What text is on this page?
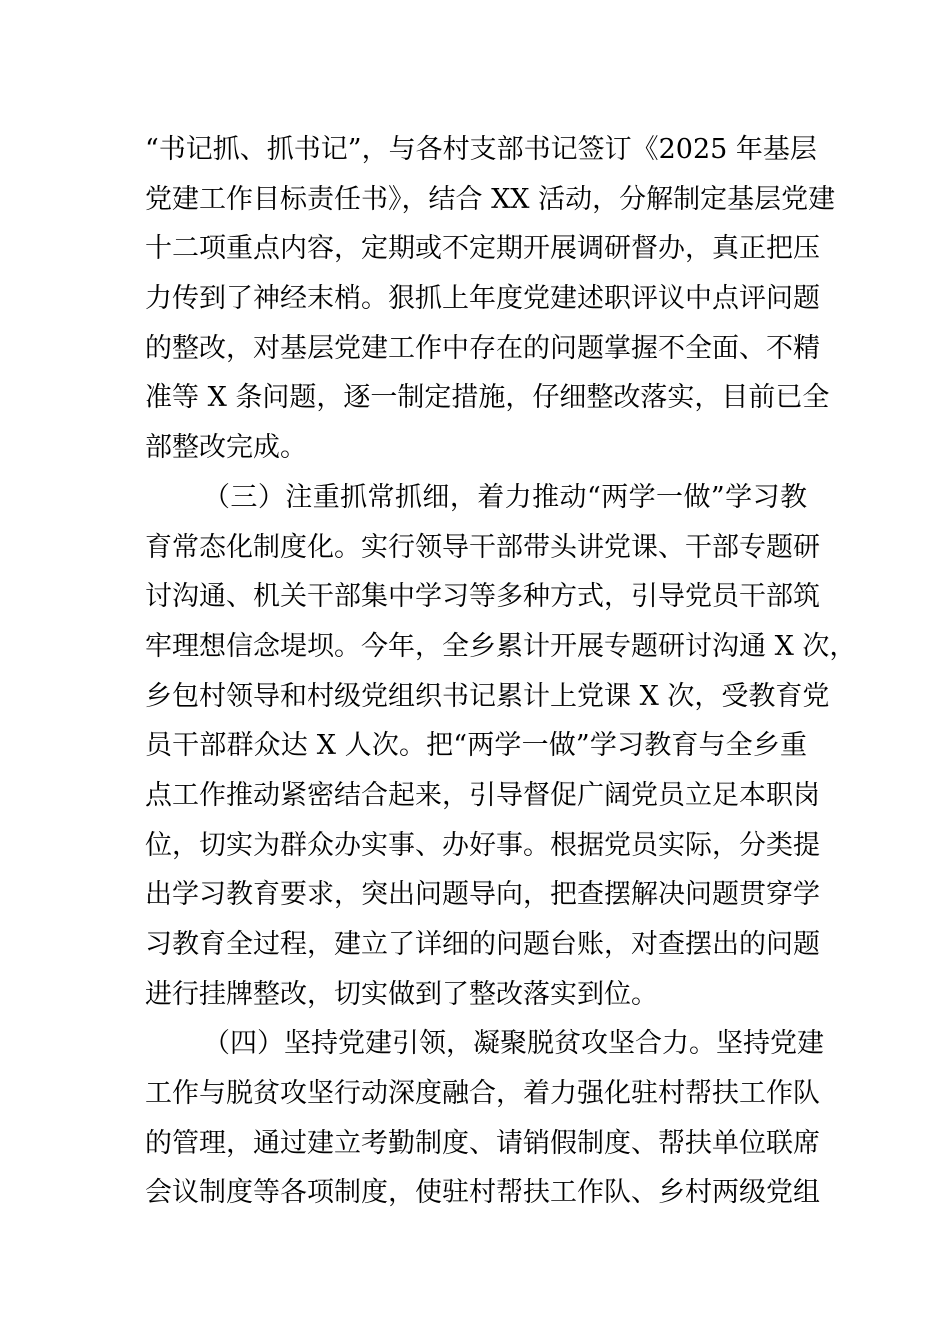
“书记抓、抓书记”，与各村支部书记签订《2025 年基层
党建工作目标责任书》，结合 XX 活动，分解制定基层党建
十二项重点内容，定期或不定期开展调研督办，真正把压
力传到了神经末梢。狠抓上年度党建述职评议中点评问题
的整改，对基层党建工作中存在的问题掌握不全面、不精
准等 X 条问题，逐一制定措施，仔细整改落实，目前已全
部整改完成。
（三）注重抓常抓细，着力推动“两学一做”学习教
育常态化制度化。实行领导干部带头讲党课、干部专题研
讨沟通、机关干部集中学习等多种方式，引导党员干部筑
牢理想信念堤坝。今年，全乡累计开展专题研讨沟通 X 次，
乡包村领导和村级党组织书记累计上党课 X 次，受教育党
员干部群众达 X 人次。把“两学一做”学习教育与全乡重
点工作推动紧密结合起来，引导督促广阔党员立足本职岗
位，切实为群众办实事、办好事。根据党员实际，分类提
出学习教育要求，突出问题导向，把查摆解决问题贯穿学
习教育全过程，建立了详细的问题台账，对查摆出的问题
进行挂牌整改，切实做到了整改落实到位。
（四）坚持党建引领，凝聚脱贫攻坚合力。坚持党建
工作与脱贫攻坚行动深度融合，着力强化驻村帮扶工作队
的管理，通过建立考勤制度、请销假制度、帮扶单位联席
会议制度等各项制度，使驻村帮扶工作队、乡村两级党组
